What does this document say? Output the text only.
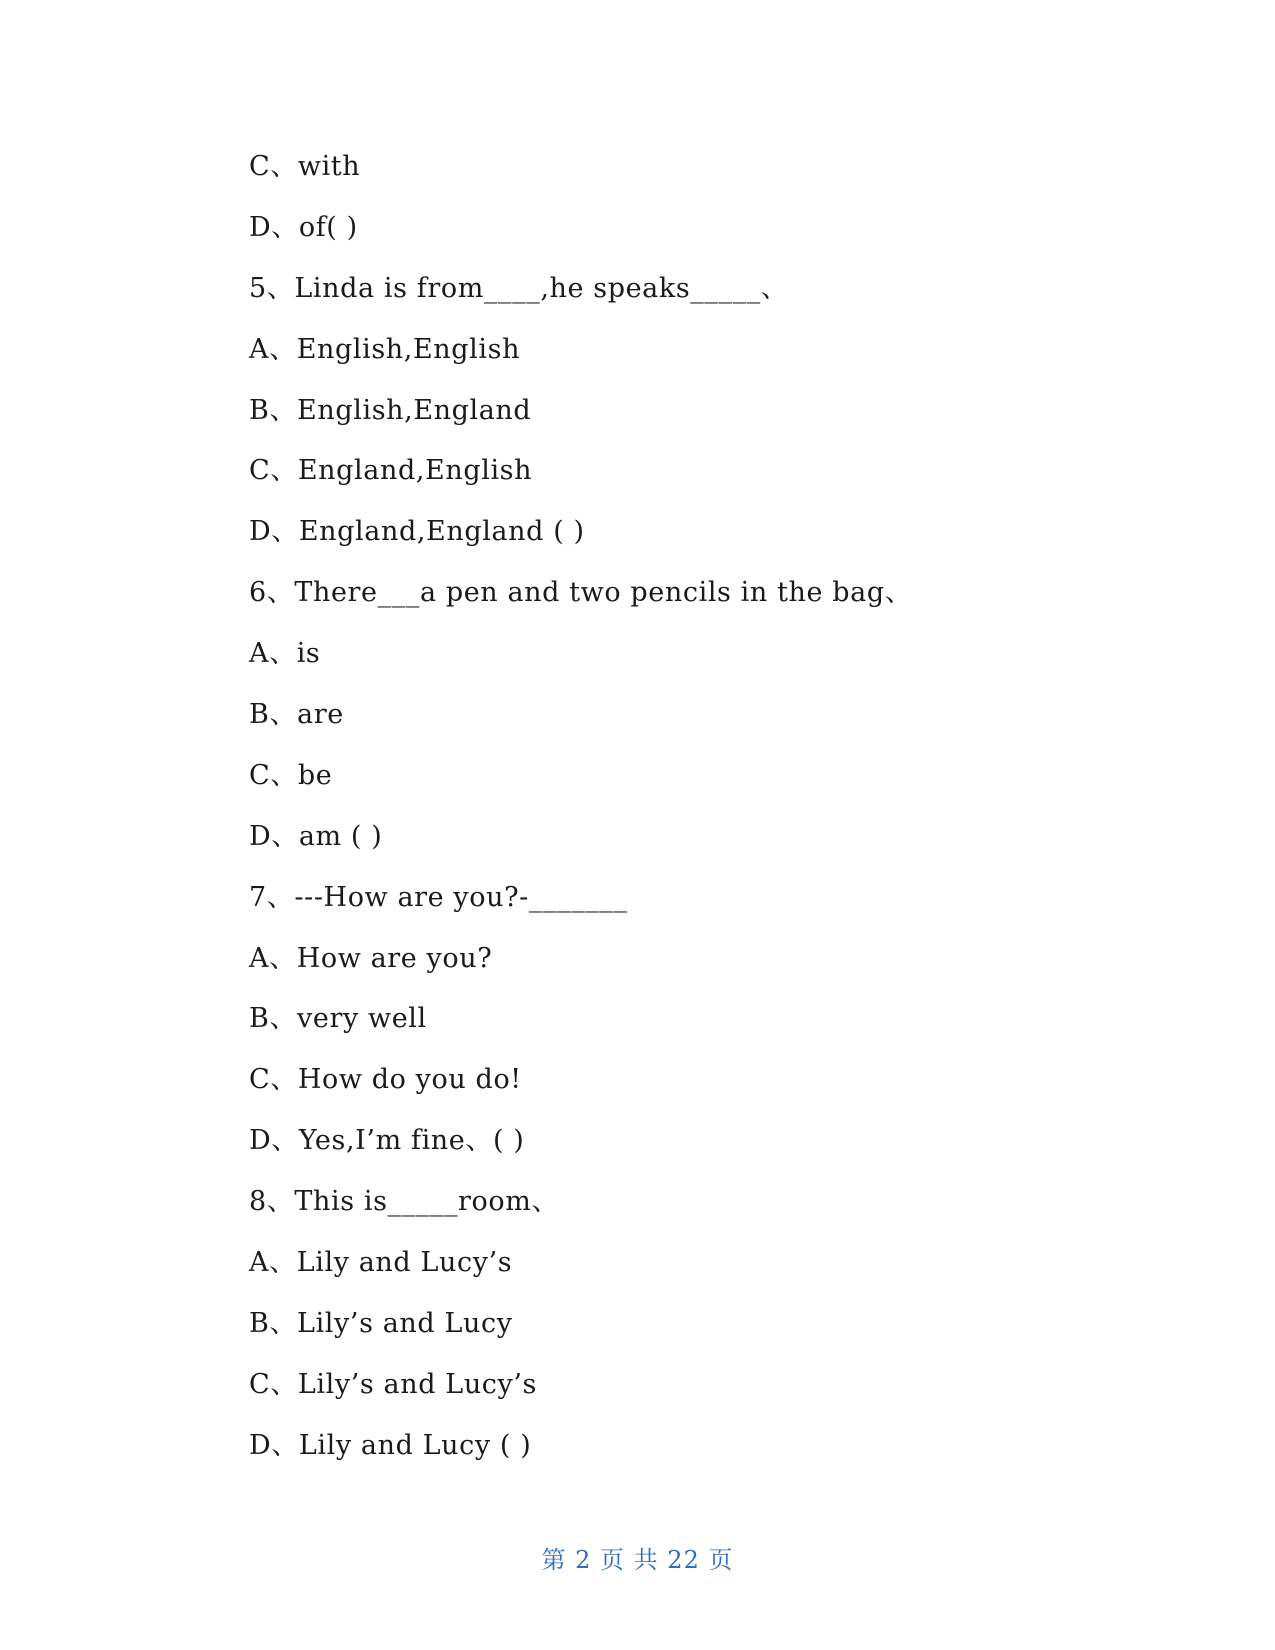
C、with
D、of( )
5、Linda is from____,he speaks_____、
A、English,English
B、English,England
C、England,English
D、England,England ( )
6、There___a pen and two pencils in the bag、
A、is
B、are
C、be
D、am ( )
7、---How are you?-_______
A、How are you?
B、very well
C、How do you do!
D、Yes,I’m fine、( )
8、This is_____room、
A、Lily and Lucy’s
B、Lily’s and Lucy
C、Lily’s and Lucy’s
D、Lily and Lucy ( )
第 2 页 共 22 页
